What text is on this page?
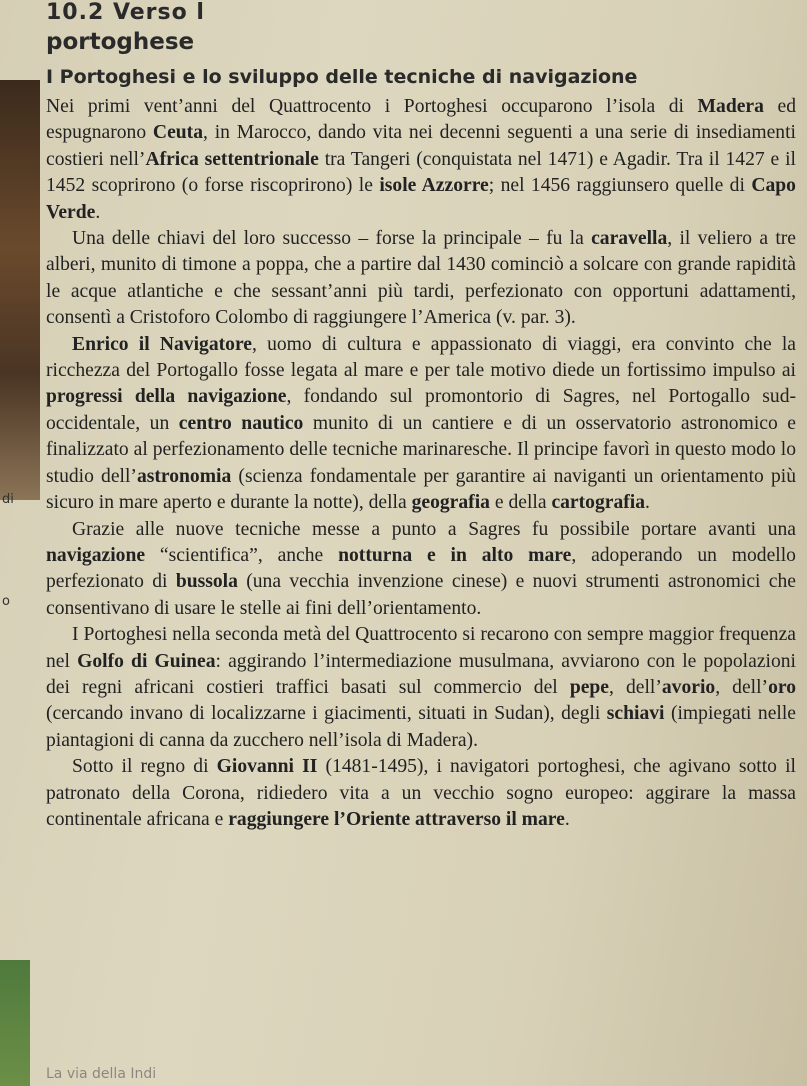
di
o
10.2 Verso l
portoghese
I Portoghesi e lo sviluppo delle tecniche di navigazione

Nei primi vent’anni del Quattrocento i Portoghesi occuparono l’isola di Madera ed espugnarono Ceuta, in Marocco, dando vita nei decenni seguenti a una serie di insediamenti costieri nell’Africa settentrionale tra Tangeri (conquistata nel 1471) e Agadir. Tra il 1427 e il 1452 scoprirono (o forse riscoprirono) le isole Azzorre; nel 1456 raggiunsero quelle di Capo Verde.

Una delle chiavi del loro successo – forse la principale – fu la caravella, il veliero a tre alberi, munito di timone a poppa, che a partire dal 1430 cominciò a solcare con grande rapidità le acque atlantiche e che sessant’anni più tardi, perfezionato con opportuni adattamenti, consentì a Cristoforo Colombo di raggiungere l’America (v. par. 3).

Enrico il Navigatore, uomo di cultura e appassionato di viaggi, era convinto che la ricchezza del Portogallo fosse legata al mare e per tale motivo diede un fortissimo impulso ai progressi della navigazione, fondando sul promontorio di Sagres, nel Portogallo sud-occidentale, un centro nautico munito di un cantiere e di un osservatorio astronomico e finalizzato al perfezionamento delle tecniche marinaresche. Il principe favorì in questo modo lo studio dell’astronomia (scienza fondamentale per garantire ai naviganti un orientamento più sicuro in mare aperto e durante la notte), della geografia e della cartografia.

Grazie alle nuove tecniche messe a punto a Sagres fu possibile portare avanti una navigazione “scientifica”, anche notturna e in alto mare, adoperando un modello perfezionato di bussola (una vecchia invenzione cinese) e nuovi strumenti astronomici che consentivano di usare le stelle ai fini dell’orientamento.

I Portoghesi nella seconda metà del Quattrocento si recarono con sempre maggior frequenza nel Golfo di Guinea: aggirando l’intermediazione musulmana, avviarono con le popolazioni dei regni africani costieri traffici basati sul commercio del pepe, dell’avorio, dell’oro (cercando invano di localizzarne i giacimenti, situati in Sudan), degli schiavi (impiegati nelle piantagioni di canna da zucchero nell’isola di Madera).

Sotto il regno di Giovanni II (1481-1495), i navigatori portoghesi, che agivano sotto il patronato della Corona, ridiedero vita a un vecchio sogno europeo: aggirare la massa continentale africana e raggiungere l’Oriente attraverso il mare.

La via della Indi
